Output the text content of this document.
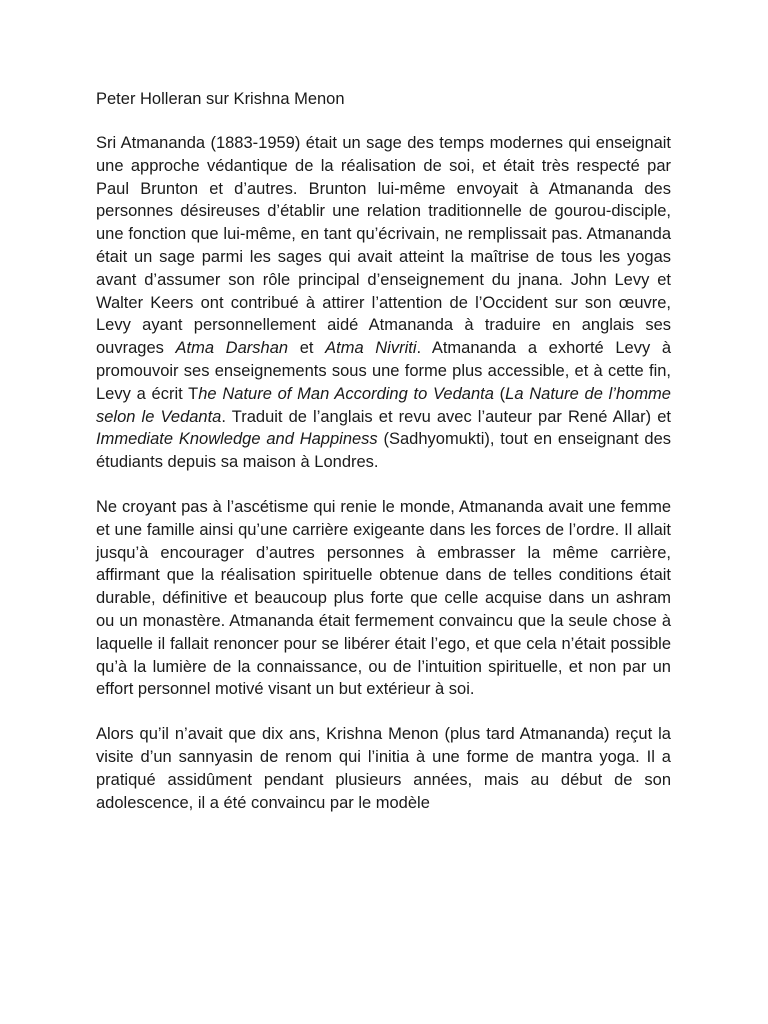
Peter Holleran sur Krishna Menon

Sri Atmananda (1883-1959) était un sage des temps modernes qui enseignait une approche védantique de la réalisation de soi, et était très respecté par Paul Brunton et d’autres. Brunton lui-même envoyait à Atmananda des personnes désireuses d’établir une relation traditionnelle de gourou-disciple, une fonction que lui-même, en tant qu’écrivain, ne remplissait pas. Atmananda était un sage parmi les sages qui avait atteint la maîtrise de tous les yogas avant d’assumer son rôle principal d’enseignement du jnana. John Levy et Walter Keers ont contribué à attirer l’attention de l’Occident sur son œuvre, Levy ayant personnellement aidé Atmananda à traduire en anglais ses ouvrages Atma Darshan et Atma Nivriti. Atmananda a exhorté Levy à promouvoir ses enseignements sous une forme plus accessible, et à cette fin, Levy a écrit The Nature of Man According to Vedanta (La Nature de l’homme selon le Vedanta. Traduit de l’anglais et revu avec l’auteur par René Allar) et Immediate Knowledge and Happiness (Sadhyomukti), tout en enseignant des étudiants depuis sa maison à Londres.

Ne croyant pas à l’ascétisme qui renie le monde, Atmananda avait une femme et une famille ainsi qu’une carrière exigeante dans les forces de l’ordre. Il allait jusqu’à encourager d’autres personnes à embrasser la même carrière, affirmant que la réalisation spirituelle obtenue dans de telles conditions était durable, définitive et beaucoup plus forte que celle acquise dans un ashram ou un monastère. Atmananda était fermement convaincu que la seule chose à laquelle il fallait renoncer pour se libérer était l’ego, et que cela n’était possible qu’à la lumière de la connaissance, ou de l’intuition spirituelle, et non par un effort personnel motivé visant un but extérieur à soi.

Alors qu’il n’avait que dix ans, Krishna Menon (plus tard Atmananda) reçut la visite d’un sannyasin de renom qui l’initia à une forme de mantra yoga. Il a pratiqué assidûment pendant plusieurs années, mais au début de son adolescence, il a été convaincu par le modèle
